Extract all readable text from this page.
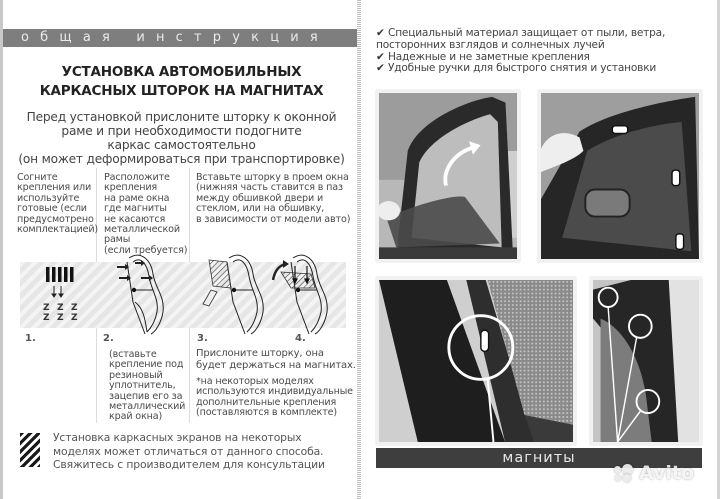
общая инструкция
УСТАНОВКА АВТОМОБИЛЬНЫХ
КАРКАСНЫХ ШТОРОК НА МАГНИТАХ
Перед установкой прислоните шторку к оконной
раме и при необходимости подогните
каркас самостоятельно
(он может деформироваться при транспортировке)
Согните
крепления или
используйте
готовые (если
предусмотрено
комплектацией)
Расположите
крепления
на раме окна
где магниты
не касаются
металлической
рамы
(если требуется)
Вставьте шторку в проем окна
(нижняя часть ставится в паз
между обшивкой двери и
стеклом, или на обшивку,
в зависимости от модели авто)
Z Z Z
Z Z Z
1.	2.	3.	4.
(вставьте
крепление под
резиновый
уплотнитель,
зацепив его за
металлический
край окна)
Прислоните шторку, она
будет держаться на магнитах.
*на некоторых моделях
используются индивидуальные
дополнительные крепления
(поставляются в комплекте)
Установка каркасных экранов на некоторых
моделях может отличаться от данного способа.
Свяжитесь с производителем для консультации
✔ Специальный материал защищает от пыли, ветра,
посторонних взглядов и солнечных лучей
✔ Надежные и не заметные крепления
✔ Удобные ручки для быстрого снятия и установки
магниты
Avito
